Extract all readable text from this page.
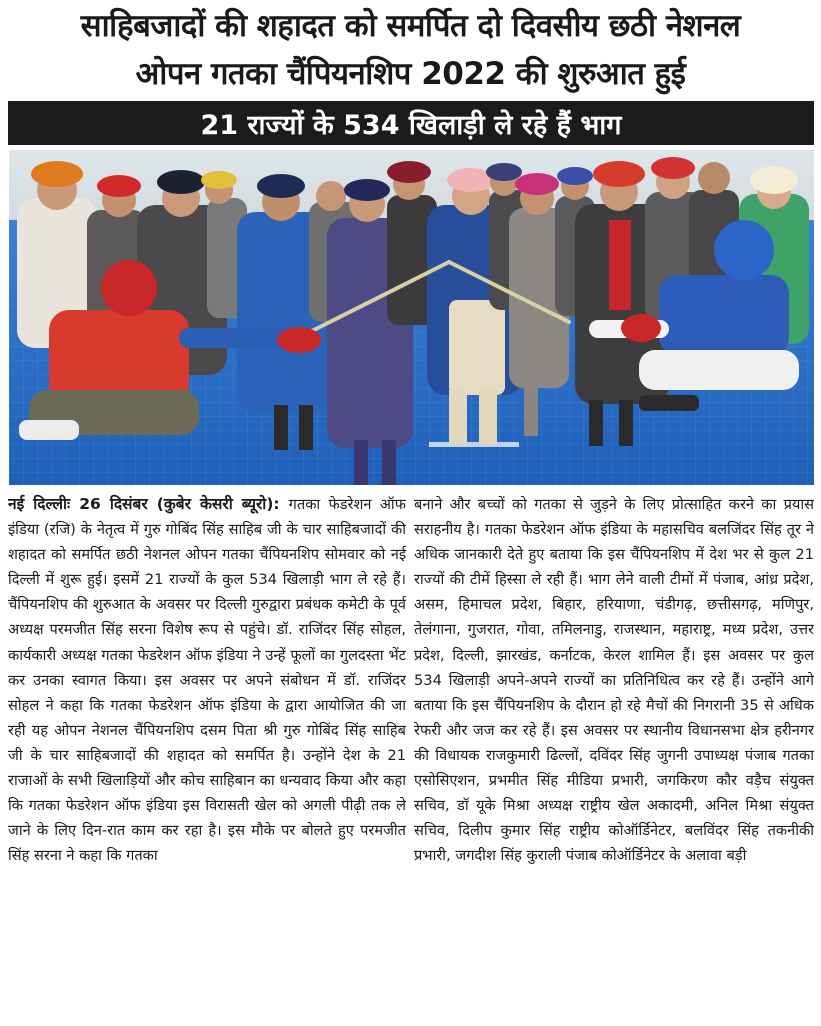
साहिबजादों की शहादत को समर्पित दो दिवसीय छठी नेशनल
ओपन गतका चैंपियनशिप 2022 की शुरुआत हुई
21 राज्यों के 534 खिलाड़ी ले रहे हैं भाग
नई दिल्लीः 26 दिसंबर (कुबेर केसरी ब्यूरो): गतका फेडरेशन ऑफ इंडिया (रजि) के नेतृत्व में गुरु गोबिंद सिंह साहिब जी के चार साहिबजादों की शहादत को समर्पित छठी नेशनल ओपन गतका चैंपियनशिप सोमवार को नई दिल्ली में शुरू हुई। इसमें 21 राज्यों के कुल 534 खिलाड़ी भाग ले रहे हैं। चैंपियनशिप की शुरुआत के अवसर पर दिल्ली गुरुद्वारा प्रबंधक कमेटी के पूर्व अध्यक्ष परमजीत सिंह सरना विशेष रूप से पहुंचे। डॉ. राजिंदर सिंह सोहल, कार्यकारी अध्यक्ष गतका फेडरेशन ऑफ इंडिया ने उन्हें फूलों का गुलदस्ता भेंट कर उनका स्वागत किया। इस अवसर पर अपने संबोधन में डॉ. राजिंदर सोहल ने कहा कि गतका फेडरेशन ऑफ इंडिया के द्वारा आयोजित की जा रही यह ओपन नेशनल चैंपियनशिप दसम पिता श्री गुरु गोबिंद सिंह साहिब जी के चार साहिबजादों की शहादत को समर्पित है। उन्होंने देश के 21 राजाओं के सभी खिलाड़ियों और कोच साहिबान का धन्यवाद किया और कहा कि गतका फेडरेशन ऑफ इंडिया इस विरासती खेल को अगली पीढ़ी तक ले जाने के लिए दिन-रात काम कर रहा है। इस मौके पर बोलते हुए परमजीत सिंह सरना ने कहा कि गतका
बनाने और बच्चों को गतका से जुड़ने के लिए प्रोत्साहित करने का प्रयास सराहनीय है। गतका फेडरेशन ऑफ इंडिया के महासचिव बलजिंदर सिंह तूर ने अधिक जानकारी देते हुए बताया कि इस चैंपियनशिप में देश भर से कुल 21 राज्यों की टीमें हिस्सा ले रही हैं। भाग लेने वाली टीमों में पंजाब, आंध्र प्रदेश, असम, हिमाचल प्रदेश, बिहार, हरियाणा, चंडीगढ़, छत्तीसगढ़, मणिपुर, तेलंगाना, गुजरात, गोवा, तमिलनाडु, राजस्थान, महाराष्ट्र, मध्य प्रदेश, उत्तर प्रदेश, दिल्ली, झारखंड, कर्नाटक, केरल शामिल हैं। इस अवसर पर कुल 534 खिलाड़ी अपने-अपने राज्यों का प्रतिनिधित्व कर रहे हैं। उन्होंने आगे बताया कि इस चैंपियनशिप के दौरान हो रहे मैचों की निगरानी 35 से अधिक रेफरी और जज कर रहे हैं। इस अवसर पर स्थानीय विधानसभा क्षेत्र हरीनगर की विधायक राजकुमारी ढिल्लों, दविंदर सिंह जुगनी उपाध्यक्ष पंजाब गतका एसोसिएशन, प्रभमीत सिंह मीडिया प्रभारी, जगकिरण कौर वड़ैच संयुक्त सचिव, डॉ यूके मिश्रा अध्यक्ष राष्ट्रीय खेल अकादमी, अनिल मिश्रा संयुक्त सचिव, दिलीप कुमार सिंह राष्ट्रीय कोऑर्डिनेटर, बलविंदर सिंह तकनीकी प्रभारी, जगदीश सिंह कुराली पंजाब कोऑर्डिनेटर के अलावा बड़ी
